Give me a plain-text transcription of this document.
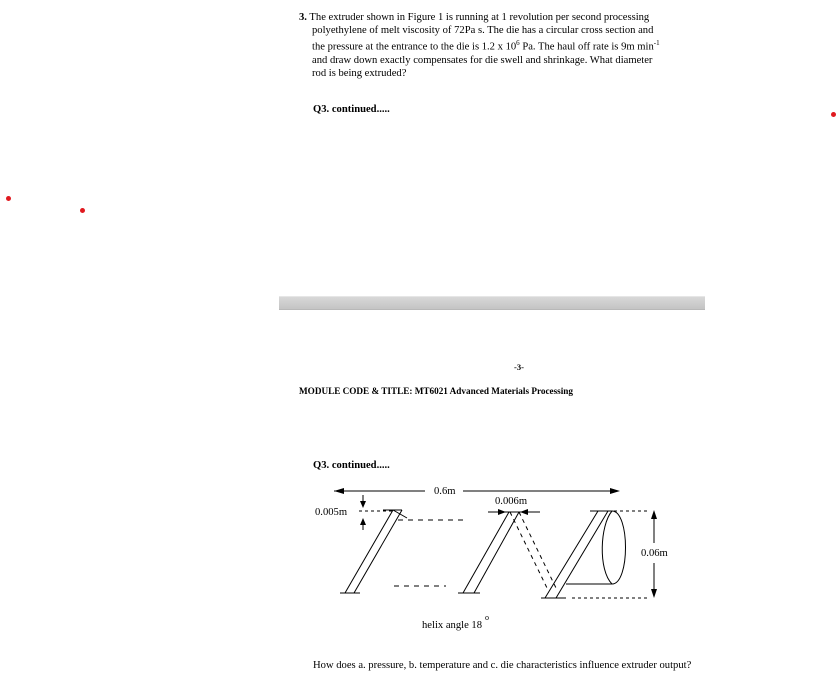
3. The extruder shown in Figure 1 is running at 1 revolution per second processing
polyethylene of melt viscosity of 72Pa s. The die has a circular cross section and
the pressure at the entrance to the die is 1.2 x $10^6$ Pa. The haul off rate is 9m $\min^{-1}$
and draw down exactly compensates for die swell and shrinkage. What diameter
rod is being extruded?
Q3. continued.....
-3-
MODULE CODE & TITLE: MT6021 Advanced Materials Processing
Q3. continued.....
0.6m
0.006m
0.005m
0.06m
helix angle 18
o
How does a. pressure, b. temperature and c. die characteristics influence extruder output?
